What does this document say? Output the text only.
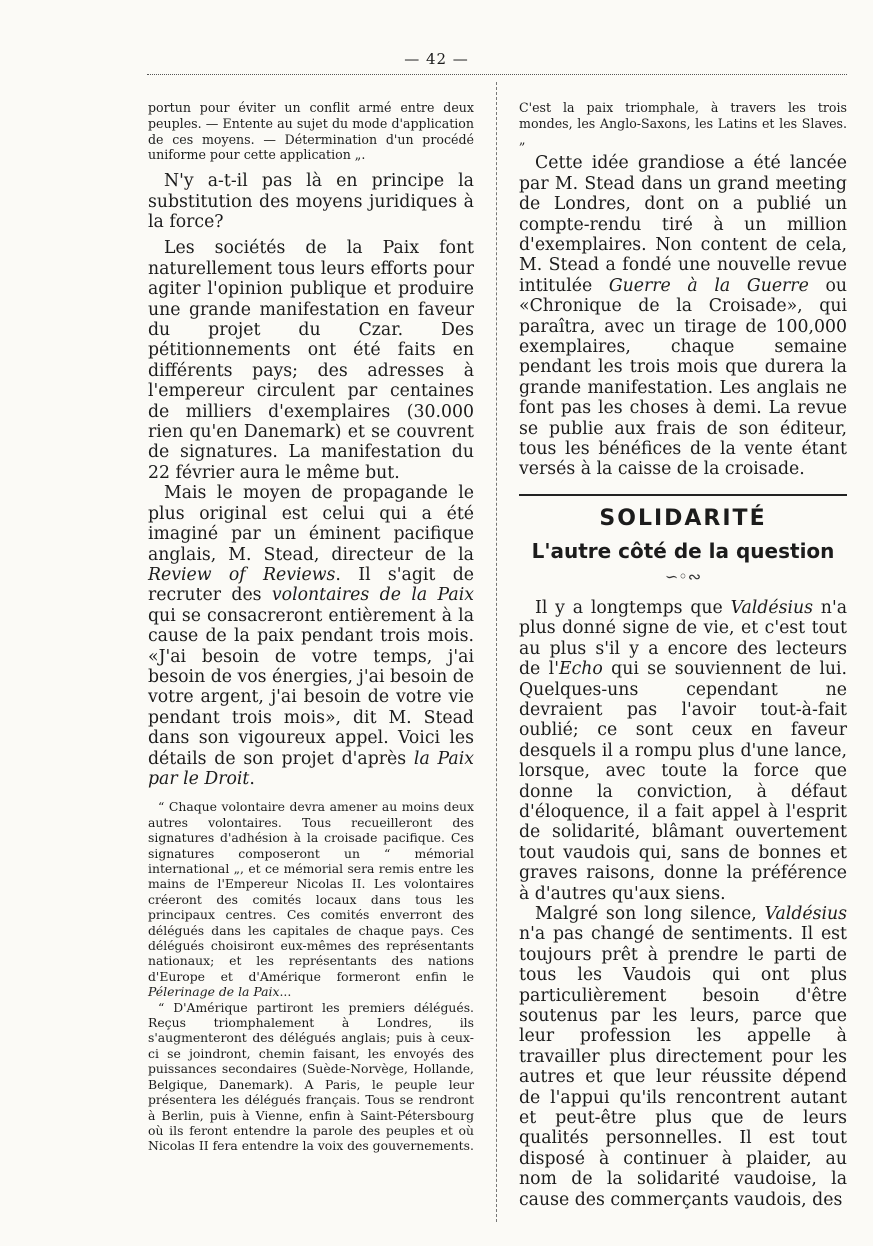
— 42 —

portun pour éviter un conflit armé entre deux peuples. — Entente au sujet du mode d'application de ces moyens. — Détermination d'un procédé uniforme pour cette application „.

N'y a-t-il pas là en principe la substitution des moyens juridiques à la force?

Les sociétés de la Paix font naturellement tous leurs efforts pour agiter l'opinion publique et produire une grande manifestation en faveur du projet du Czar. Des pétitionnements ont été faits en différents pays; des adresses à l'empereur circulent par centaines de milliers d'exemplaires (30.000 rien qu'en Danemark) et se couvrent de signatures. La manifestation du 22 février aura le même but.

Mais le moyen de propagande le plus original est celui qui a été imaginé par un éminent pacifique anglais, M. Stead, directeur de la Review of Reviews. Il s'agit de recruter des volontaires de la Paix qui se consacreront entièrement à la cause de la paix pendant trois mois. «J'ai besoin de votre temps, j'ai besoin de vos énergies, j'ai besoin de votre argent, j'ai besoin de votre vie pendant trois mois», dit M. Stead dans son vigoureux appel. Voici les détails de son projet d'après la Paix par le Droit.

“ Chaque volontaire devra amener au moins deux autres volontaires. Tous recueilleront des signatures d'adhésion à la croisade pacifique. Ces signatures composeront un “ mémorial international „, et ce mémorial sera remis entre les mains de l'Empereur Nicolas II. Les volontaires créeront des comités locaux dans tous les principaux centres. Ces comités enverront des délégués dans les capitales de chaque pays. Ces délégués choisiront eux-mêmes des représentants nationaux; et les représentants des nations d'Europe et d'Amérique formeront enfin le Pélerinage de la Paix...

“ D'Amérique partiront les premiers délégués. Reçus triomphalement à Londres, ils s'augmenteront des délégués anglais; puis à ceux-ci se joindront, chemin faisant, les envoyés des puissances secondaires (Suède-Norvège, Hollande, Belgique, Danemark). A Paris, le peuple leur présentera les délégués français. Tous se rendront à Berlin, puis à Vienne, enfin à Saint-Pétersbourg où ils feront entendre la parole des peuples et où Nicolas II fera entendre la voix des gouvernements.

C'est la paix triomphale, à travers les trois mondes, les Anglo-Saxons, les Latins et les Slaves. „

Cette idée grandiose a été lancée par M. Stead dans un grand meeting de Londres, dont on a publié un compte-rendu tiré à un million d'exemplaires. Non content de cela, M. Stead a fondé une nouvelle revue intitulée Guerre à la Guerre ou «Chronique de la Croisade», qui paraîtra, avec un tirage de 100,000 exemplaires, chaque semaine pendant les trois mois que durera la grande manifestation. Les anglais ne font pas les choses à demi. La revue se publie aux frais de son éditeur, tous les bénéfices de la vente étant versés à la caisse de la croisade.

SOLIDARITÉ
L'autre côté de la question
∽◦∾

Il y a longtemps que Valdésius n'a plus donné signe de vie, et c'est tout au plus s'il y a encore des lecteurs de l'Echo qui se souviennent de lui. Quelques-uns cependant ne devraient pas l'avoir tout-à-fait oublié; ce sont ceux en faveur desquels il a rompu plus d'une lance, lorsque, avec toute la force que donne la conviction, à défaut d'éloquence, il a fait appel à l'esprit de solidarité, blâmant ouvertement tout vaudois qui, sans de bonnes et graves raisons, donne la préférence à d'autres qu'aux siens.

Malgré son long silence, Valdésius n'a pas changé de sentiments. Il est toujours prêt à prendre le parti de tous les Vaudois qui ont plus particulièrement besoin d'être soutenus par les leurs, parce que leur profession les appelle à travailler plus directement pour les autres et que leur réussite dépend de l'appui qu'ils rencontrent autant et peut-être plus que de leurs qualités personnelles. Il est tout disposé à continuer à plaider, au nom de la solidarité vaudoise, la cause des commerçants vaudois, des
